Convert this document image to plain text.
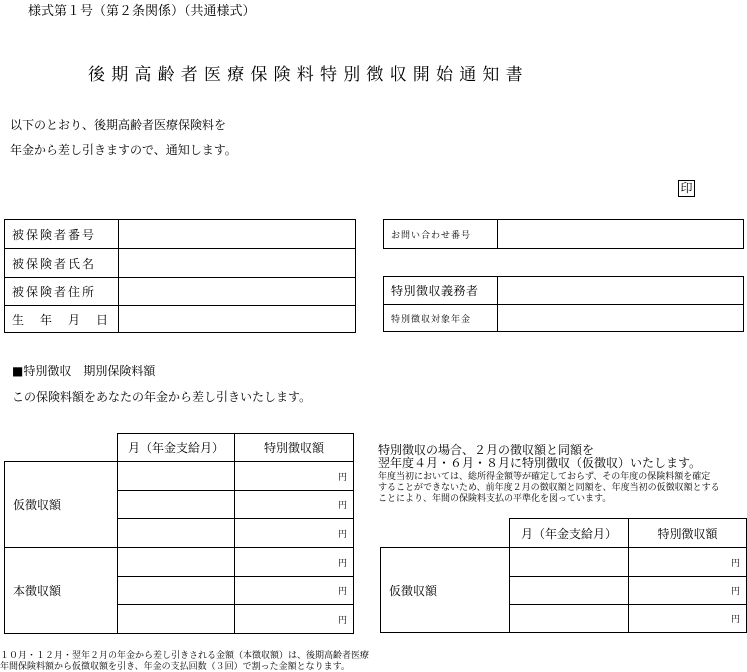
様式第１号（第２条関係）（共通様式）
後期高齢者医療保険料特別徴収開始通知書
以下のとおり、後期高齢者医療保険料を
年金から差し引きますので、通知します。
印
被保険者番号	
被保険者氏名	
被保険者住所	
生　年　月　日	
お問い合わせ番号	
特別徴収義務者	
特別徴収対象年金	
■特別徴収　期別保険料額
この保険料額をあなたの年金から差し引きいたします。
	月（年金支給月）	特別徴収額
仮徴収額		円
		円
		円
本徴収額		円
		円
		円
特別徴収の場合、２月の徴収額と同額を
翌年度４月・６月・８月に特別徴収（仮徴収）いたします。
年度当初においては、総所得金額等が確定しておらず、その年度の保険料額を確定
することができないため、前年度２月の徴収額と同額を、年度当初の仮徴収額とする
ことにより、年間の保険料支払の平準化を図っています。
	月（年金支給月）	特別徴収額
仮徴収額		円
		円
		円
１０月・１２月・翌年２月の年金から差し引きされる金額（本徴収額）は、後期高齢者医療
年間保険料額から仮徴収額を引き、年金の支払回数（３回）で割った金額となります。
